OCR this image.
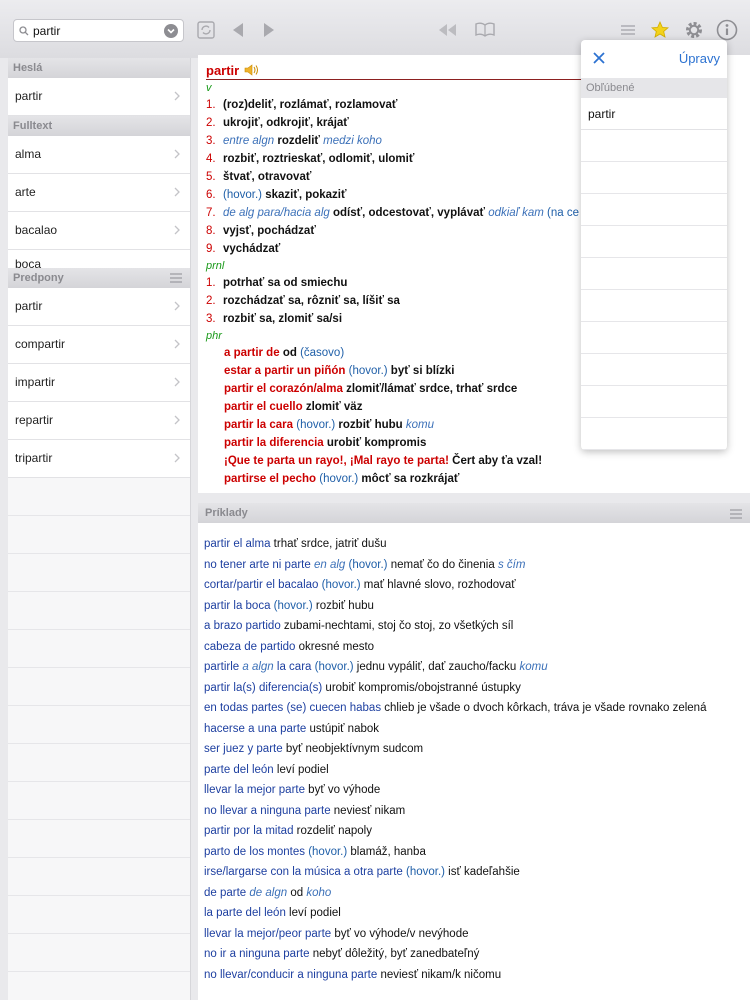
partir
Heslá
partir
Fulltext
alma
arte
bacalao
boca
Predpony
partir
compartir
impartir
repartir
tripartir
partir
v
1. (roz)deliť, rozlámať, rozlamovať
2. ukrojiť, odkrojiť, krájať
3. entre algn rozdeliť medzi koho
4. rozbiť, roztrieskať, odlomiť, ulomiť
5. štvať, otravovať
6. (hovor.) skaziť, pokaziť
7. de alg para/hacia alg odísť, odcestovať, vyplávať odkiaľ kam (na ce
8. vyjsť, pochádzať
9. vychádzať
prnl
1. potrhať sa od smiechu
2. rozchádzať sa, rôzniť sa, líšiť sa
3. rozbiť sa, zlomiť sa/si
phr
a partir de od (časovo)
estar a partir un piñón (hovor.) byť si blízki
partir el corazón/alma zlomiť/lámať srdce, trhať srdce
partir el cuello zlomiť väz
partir la cara (hovor.) rozbiť hubu komu
partir la diferencia urobiť kompromis
¡Que te parta un rayo!, ¡Mal rayo te parta! Čert aby ťa vzal!
partirse el pecho (hovor.) môcť sa rozkrájať
Úpravy
Obľúbené
partir
Príklady
partir el alma trhať srdce, jatriť dušu
no tener arte ni parte en alg (hovor.) nemať čo do činenia s čím
cortar/partir el bacalao (hovor.) mať hlavné slovo, rozhodovať
partir la boca (hovor.) rozbiť hubu
a brazo partido zubami-nechtami, stoj čo stoj, zo všetkých síl
cabeza de partido okresné mesto
partirle a algn la cara (hovor.) jednu vypáliť, dať zaucho/facku komu
partir la(s) diferencia(s) urobiť kompromis/obojstranné ústupky
en todas partes (se) cuecen habas chlieb je všade o dvoch kôrkach, tráva je všade rovnako zelená
hacerse a una parte ustúpiť nabok
ser juez y parte byť neobjektívnym sudcom
parte del león leví podiel
llevar la mejor parte byť vo výhode
no llevar a ninguna parte neviesť nikam
partir por la mitad rozdeliť napoly
parto de los montes (hovor.) blamáž, hanba
irse/largarse con la música a otra parte (hovor.) isť kadeľahšie
de parte de algn od koho
la parte del león leví podiel
llevar la mejor/peor parte byť vo výhode/v nevýhode
no ir a ninguna parte nebyť dôležitý, byť zanedbateľný
no llevar/conducir a ninguna parte neviesť nikam/k ničomu
